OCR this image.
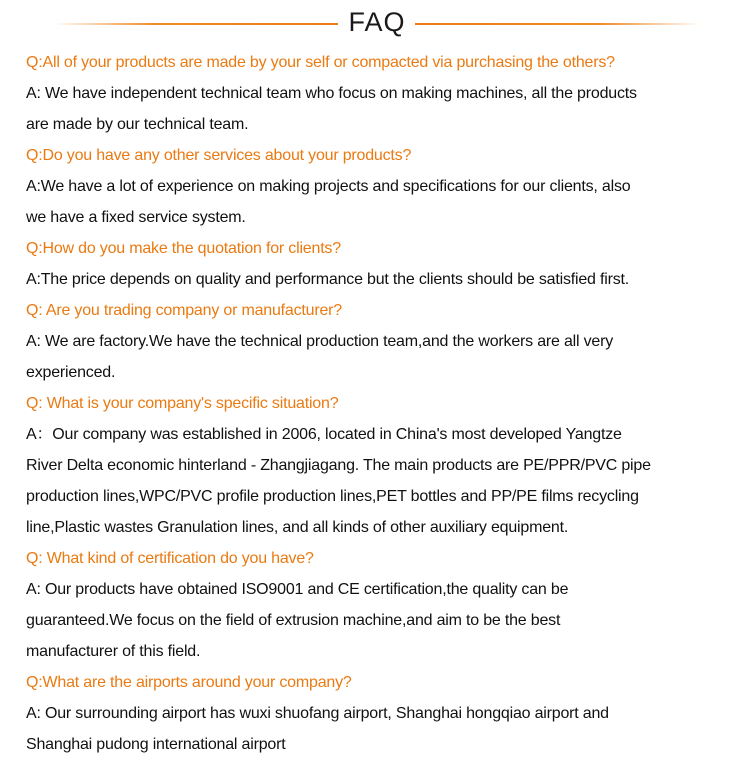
FAQ
Q:All of your products are made by your self or compacted via purchasing the others?
A: We have independent technical team who focus on making machines, all the products
are made by our technical team.
Q:Do you have any other services about your products?
A:We have a lot of experience on making projects and specifications for our clients, also
we have a fixed service system.
Q:How do you make the quotation for clients?
A:The price depends on quality and performance but the clients should be satisfied first.
Q: Are you trading company or manufacturer?
A: We are factory.We have the technical production team,and the workers are all very
experienced.
Q: What is your company's specific situation?
A：Our company was established in 2006, located in China's most developed Yangtze
River Delta economic hinterland - Zhangjiagang. The main products are PE/PPR/PVC pipe
production lines,WPC/PVC profile production lines,PET bottles and PP/PE films recycling
line,Plastic wastes Granulation lines, and all kinds of other auxiliary equipment.
Q: What kind of certification do you have?
A: Our products have obtained ISO9001 and CE certification,the quality can be
guaranteed.We focus on the field of extrusion machine,and aim to be the best
manufacturer of this field.
Q:What are the airports around your company?
A: Our surrounding airport has wuxi shuofang airport, Shanghai hongqiao airport and
Shanghai pudong international airport
